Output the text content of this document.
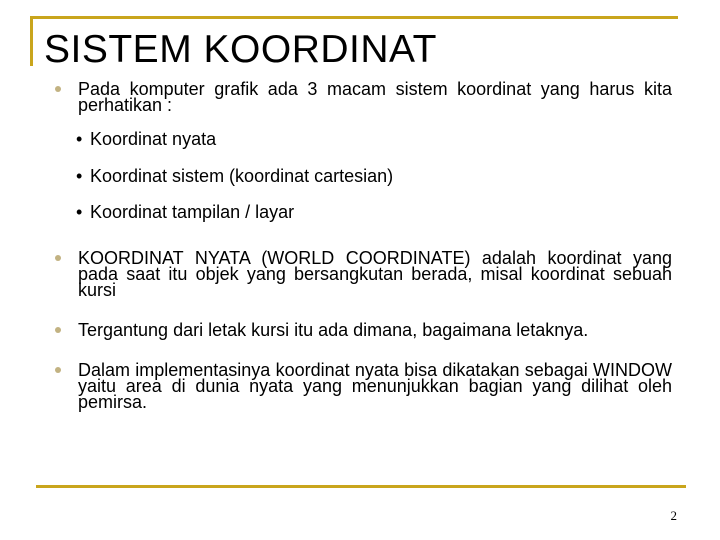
SISTEM KOORDINAT
Pada komputer grafik ada 3 macam sistem koordinat yang harus kita perhatikan :
• Koordinat nyata
• Koordinat sistem (koordinat cartesian)
• Koordinat tampilan / layar
KOORDINAT NYATA (WORLD COORDINATE) adalah koordinat yang pada saat itu objek yang bersangkutan berada, misal koordinat sebuah kursi
Tergantung dari letak kursi itu ada dimana, bagaimana letaknya.
Dalam implementasinya koordinat nyata bisa dikatakan sebagai WINDOW yaitu area di dunia nyata yang menunjukkan bagian yang dilihat oleh pemirsa.
2
